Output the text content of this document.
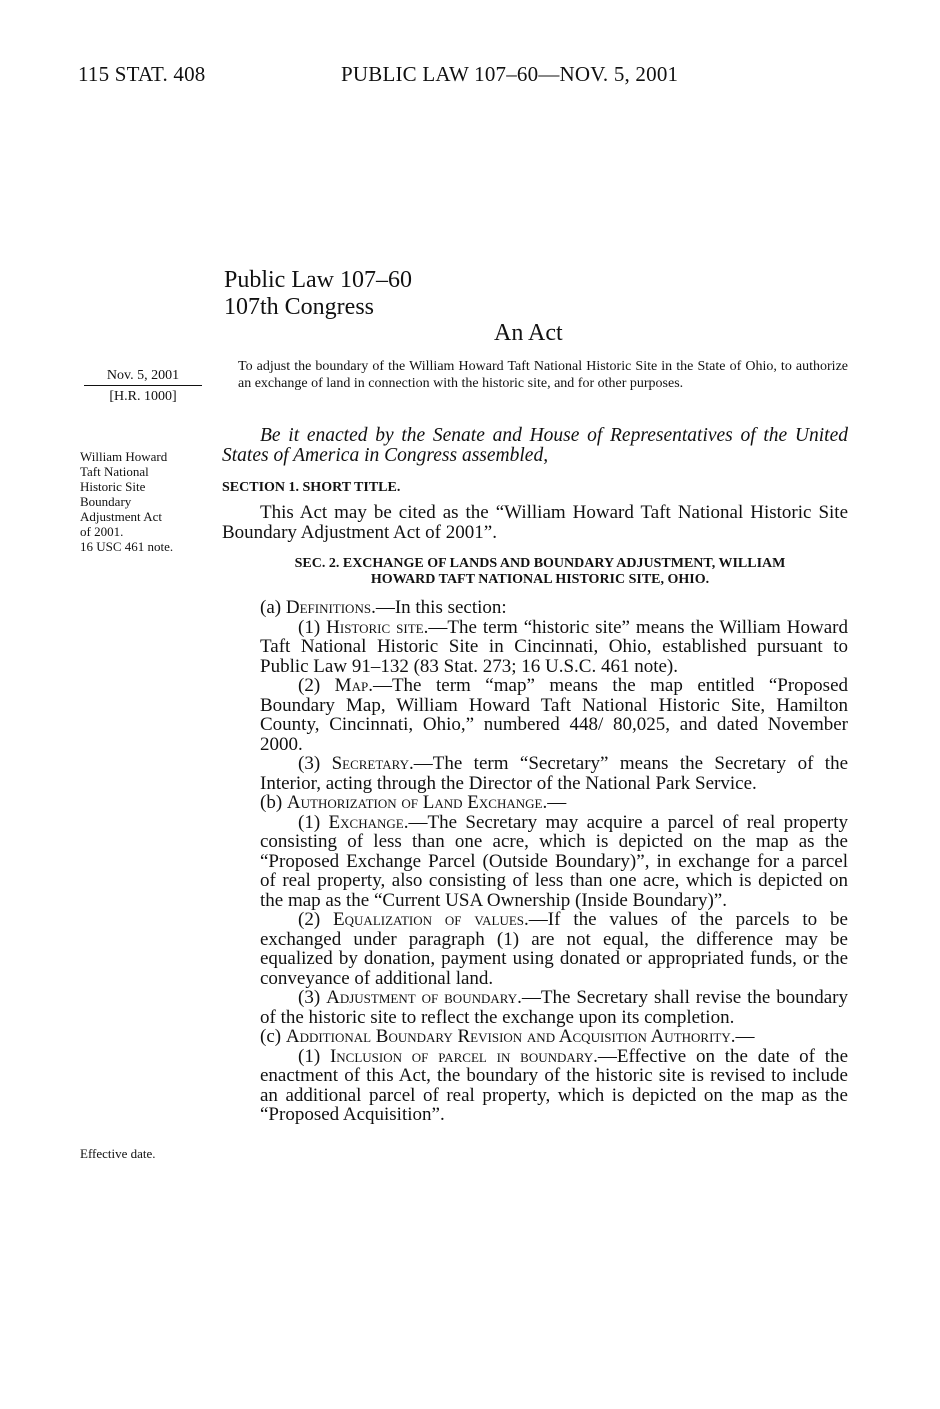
115 STAT. 408	PUBLIC LAW 107–60—NOV. 5, 2001
Public Law 107–60
107th Congress
An Act
Nov. 5, 2001
[H.R. 1000]
To adjust the boundary of the William Howard Taft National Historic Site in the State of Ohio, to authorize an exchange of land in connection with the historic site, and for other purposes.
William Howard
Taft National
Historic Site
Boundary
Adjustment Act
of 2001.
16 USC 461 note.

Be it enacted by the Senate and House of Representatives of the United States of America in Congress assembled,

SECTION 1. SHORT TITLE.

This Act may be cited as the “William Howard Taft National Historic Site Boundary Adjustment Act of 2001”.

SEC. 2. EXCHANGE OF LANDS AND BOUNDARY ADJUSTMENT, WILLIAM
HOWARD TAFT NATIONAL HISTORIC SITE, OHIO.

(a) Definitions.—In this section:

(1) Historic site.—The term “historic site” means the William Howard Taft National Historic Site in Cincinnati, Ohio, established pursuant to Public Law 91–132 (83 Stat. 273; 16 U.S.C. 461 note).

(2) Map.—The term “map” means the map entitled “Proposed Boundary Map, William Howard Taft National Historic Site, Hamilton County, Cincinnati, Ohio,” numbered 448/ 80,025, and dated November 2000.

(3) Secretary.—The term “Secretary” means the Secretary of the Interior, acting through the Director of the National Park Service.

(b) Authorization of Land Exchange.—

(1) Exchange.—The Secretary may acquire a parcel of real property consisting of less than one acre, which is depicted on the map as the “Proposed Exchange Parcel (Outside Boundary)”, in exchange for a parcel of real property, also consisting of less than one acre, which is depicted on the map as the “Current USA Ownership (Inside Boundary)”.

(2) Equalization of values.—If the values of the parcels to be exchanged under paragraph (1) are not equal, the difference may be equalized by donation, payment using donated or appropriated funds, or the conveyance of additional land.

(3) Adjustment of boundary.—The Secretary shall revise the boundary of the historic site to reflect the exchange upon its completion.

(c) Additional Boundary Revision and Acquisition Authority.—

(1) Inclusion of parcel in boundary.—Effective on the date of the enactment of this Act, the boundary of the historic site is revised to include an additional parcel of real property, which is depicted on the map as the “Proposed Acquisition”.

Effective date.
